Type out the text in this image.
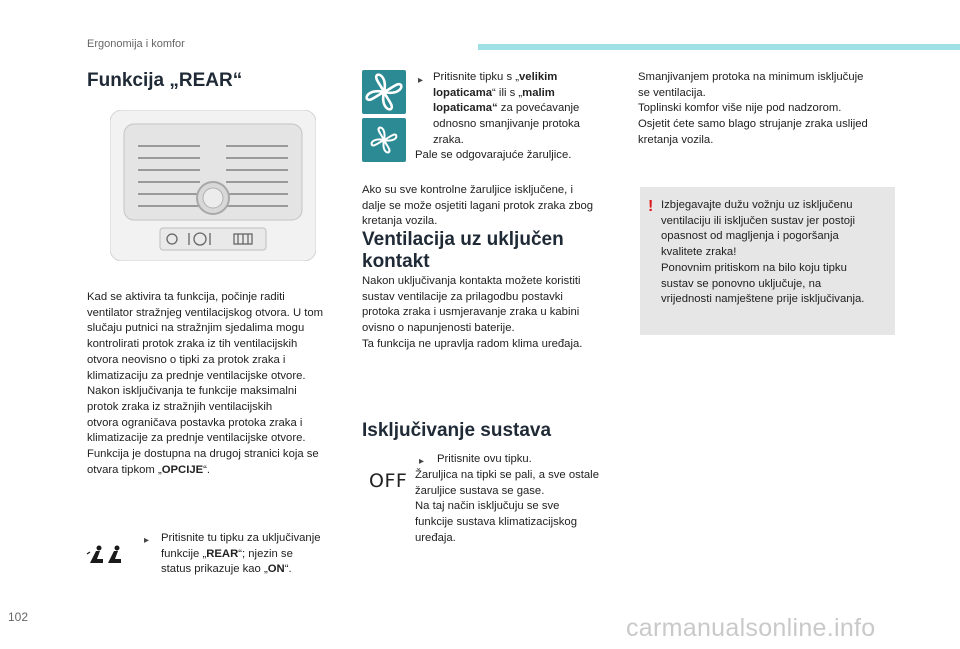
Ergonomija i komfor
Funkcija „REAR“
Kad se aktivira ta funkcija, počinje raditi
ventilator stražnjeg ventilacijskog otvora. U tom
slučaju putnici na stražnjim sjedalima mogu
kontrolirati protok zraka iz tih ventilacijskih
otvora neovisno o tipki za protok zraka i
klimatizaciju za prednje ventilacijske otvore.
Nakon isključivanja te funkcije maksimalni
protok zraka iz stražnjih ventilacijskih
otvora ograničava postavka protoka zraka i
klimatizacije za prednje ventilacijske otvore.
Funkcija je dostupna na drugoj stranici koja se
otvara tipkom „OPCIJE“.
▸ Pritisnite tu tipku za uključivanje
funkcije „REAR“; njezin se
status prikazuje kao „ON“.
▸ Pritisnite tipku s „velikim
lopaticama“ ili s „malim
lopaticama“ za povećavanje
odnosno smanjivanje protoka
zraka.
Pale se odgovarajuće žaruljice.
Ako su sve kontrolne žaruljice isključene, i
dalje se može osjetiti lagani protok zraka zbog
kretanja vozila.
Ventilacija uz uključen kontakt
Nakon uključivanja kontakta možete koristiti
sustav ventilacije za prilagodbu postavki
protoka zraka i usmjeravanje zraka u kabini
ovisno o napunjenosti baterije.
Ta funkcija ne upravlja radom klima uređaja.
Isključivanje sustava
OFF
▸ Pritisnite ovu tipku.
Žaruljica na tipki se pali, a sve ostale
žaruljice sustava se gase.
Na taj način isključuju se sve
funkcije sustava klimatizacijskog
uređaja.
Smanjivanjem protoka na minimum isključuje
se ventilacija.
Toplinski komfor više nije pod nadzorom.
Osjetit ćete samo blago strujanje zraka uslijed
kretanja vozila.
! Izbjegavajte dužu vožnju uz isključenu
ventilaciju ili isključen sustav jer postoji
opasnost od magljenja i pogoršanja
kvalitete zraka!
Ponovnim pritiskom na bilo koju tipku
sustav se ponovno uključuje, na
vrijednosti namještene prije isključivanja.
102	carmanualsonline.info
